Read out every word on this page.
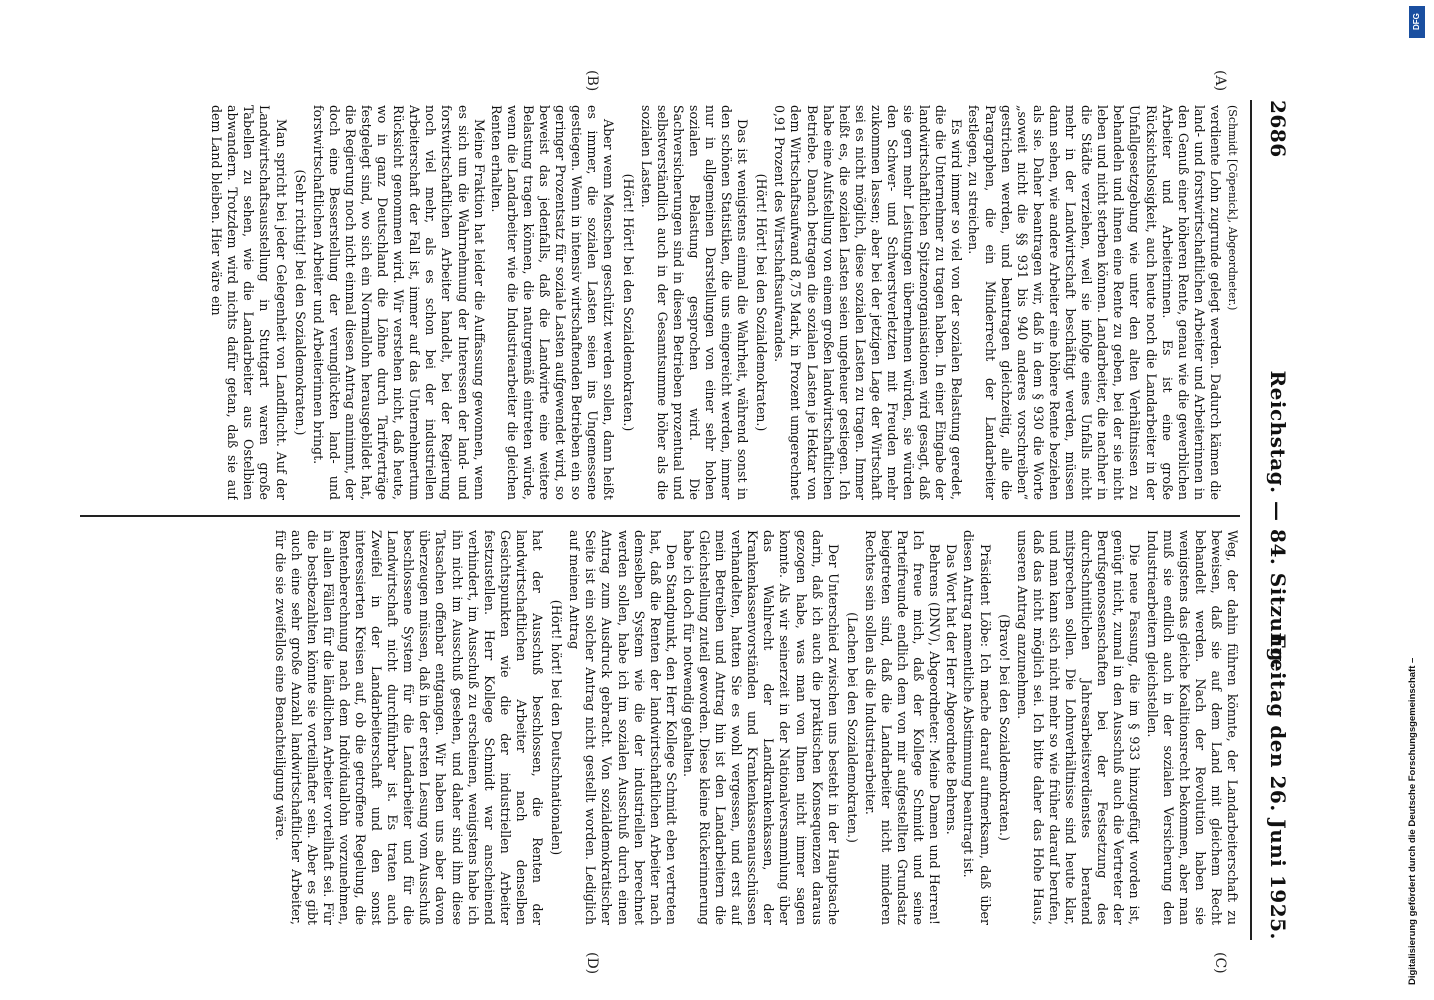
2686
Reichstag. — 84. Sitzung.
Freitag den 26. Juni 1925.
(A)
(B)
(C)
(D)

(Schmidt [Cöpenick], Abgeordneter.)

verdiente Lohn zugrunde gelegt werden. Dadurch kämen die land- und forstwirtschaftlichen Arbeiter und Arbeiterinnen in den Genuß einer höheren Rente, genau wie die gewerblichen Arbeiter und Arbeiterinnen. Es ist eine große Rücksichtslosigkeit, auch heute noch die Landarbeiter in der Unfallgesetzgebung wie unter den alten Verhältnissen zu behandeln und ihnen eine Rente zu geben, bei der sie nicht leben und nicht sterben können. Landarbeiter, die nachher in die Städte verziehen, weil sie infolge eines Unfalls nicht mehr in der Landwirtschaft beschäftigt werden, müssen dann sehen, wie andere Arbeiter eine höhere Rente beziehen als sie. Daher beantragen wir, daß in dem § 930 die Worte „soweit nicht die §§ 931 bis 940 anderes vorschreiben“ gestrichen werden, und beantragen gleichzeitig, alle die Paragraphen, die ein Minderrecht der Landarbeiter festlegen, zu streichen.

Es wird immer so viel von der sozialen Belastung geredet, die die Unternehmer zu tragen haben. In einer Eingabe der landwirtschaftlichen Spitzenorganisationen wird gesagt, daß sie gern mehr Leistungen übernehmen würden, sie würden den Schwer- und Schwerstverletzten mit Freuden mehr zukommen lassen; aber bei der jetzigen Lage der Wirtschaft sei es nicht möglich, diese sozialen Lasten zu tragen. Immer heißt es, die sozialen Lasten seien ungeheuer gestiegen. Ich habe eine Aufstellung von einem großen landwirtschaftlichen Betriebe. Danach betragen die sozialen Lasten je Hektar von dem Wirtschaftsaufwand 8,75 Mark, in Prozent umgerechnet 0,91 Prozent des Wirtschaftsaufwandes.

(Hört! Hört! bei den Sozialdemokraten.)

Das ist wenigstens einmal die Wahrheit, während sonst in den schönen Statistiken, die uns eingereicht werden, immer nur in allgemeinen Darstellungen von einer sehr hohen sozialen Belastung gesprochen wird. Die Sachversicherungen sind in diesen Betrieben prozentual und selbstverständlich auch in der Gesamtsumme höher als die sozialen Lasten.

(Hört! Hört! bei den Sozialdemokraten.)

Aber wenn Menschen geschützt werden sollen, dann heißt es immer, die sozialen Lasten seien ins Ungemessene gestiegen. Wenn in intensiv wirtschaftenden Betrieben ein so geringer Prozentsatz für soziale Lasten aufgewendet wird, so beweist das jedenfalls, daß die Landwirte eine weitere Belastung tragen können, die naturgemäß eintreten würde, wenn die Landarbeiter wie die Industriearbeiter die gleichen Renten erhalten.

Meine Fraktion hat leider die Auffassung gewonnen, wenn es sich um die Wahrnehmung der Interessen der land- und forstwirtschaftlichen Arbeiter handelt, bei der Regierung noch viel mehr, als es schon bei der industriellen Arbeiterschaft der Fall ist, immer auf das Unternehmertum Rücksicht genommen wird. Wir verstehen nicht, daß heute, wo in ganz Deutschland die Löhne durch Tarifverträge festgelegt sind, wo sich ein Normallohn herausgebildet hat, die Regierung noch nicht einmal diesen Antrag annimmt, der doch eine Besserstellung der verunglückten land- und forstwirtschaftlichen Arbeiter und Arbeiterinnen bringt.

(Sehr richtig! bei den Sozialdemokraten.)

Man spricht bei jeder Gelegenheit von Landflucht. Auf der Landwirtschaftsausstellung in Stuttgart waren große Tabellen zu sehen, wie die Landarbeiter aus Ostelbien abwandern. Trotzdem wird nichts dafür getan, daß sie auf dem Land bleiben. Hier wäre ein

Weg, der dahin führen könnte, der Landarbeiterschaft zu beweisen, daß sie auf dem Land mit gleichem Recht behandelt werden. Nach der Revolution haben sie wenigstens das gleiche Koalitionsrecht bekommen, aber man muß sie endlich auch in der sozialen Versicherung den Industriearbeitern gleichstellen.

Die neue Fassung, die im § 933 hinzugefügt worden ist, genügt nicht, zumal in den Ausschuß auch die Vertreter der Berufsgenossenschaften bei der Festsetzung des durchschnittlichen Jahresarbeitsverdienstes beratend mitsprechen sollen. Die Lohnverhältnisse sind heute klar, und man kann sich nicht mehr so wie früher darauf berufen, daß das nicht möglich sei. Ich bitte daher das Hohe Haus, unseren Antrag anzunehmen.

(Bravo! bei den Sozialdemokraten.)

Präsident Löbe: Ich mache darauf aufmerksam, daß über diesen Antrag namentliche Abstimmung beantragt ist.

Das Wort hat der Herr Abgeordnete Behrens.

Behrens (DNV), Abgeordneter: Meine Damen und Herren! Ich freue mich, daß der Kollege Schmidt und seine Parteifreunde endlich dem von mir aufgestellten Grundsatz beigetreten sind, daß die Landarbeiter nicht minderen Rechtes sein sollen als die Industriearbeiter.

(Lachen bei den Sozialdemokraten.)

Der Unterschied zwischen uns besteht in der Hauptsache darin, daß ich auch die praktischen Konsequenzen daraus gezogen habe, was man von Ihnen nicht immer sagen konnte. Als wir seinerzeit in der Nationalversammlung über das Wahlrecht der Landkrankenkassen, der Krankenkassenvorständen und Krankenkassenausschüssen verhandelten, hatten Sie es wohl vergessen, und erst auf mein Betreiben und Antrag hin ist den Landarbeitern die Gleichstellung zuteil geworden. Diese kleine Rückerinnerung habe ich doch für notwendig gehalten.

Den Standpunkt, den Herr Kollege Schmidt eben vertreten hat, daß die Renten der landwirtschaftlichen Arbeiter nach demselben System wie die der industriellen berechnet werden sollen, habe ich im sozialen Ausschuß durch einen Antrag zum Ausdruck gebracht. Von sozialdemokratischer Seite ist ein solcher Antrag nicht gestellt worden. Lediglich auf meinen Antrag

(Hört! hört! bei den Deutschnationalen)

hat der Ausschuß beschlossen, die Renten der landwirtschaftlichen Arbeiter nach denselben Gesichtspunkten wie die der industriellen Arbeiter festzustellen. Herr Kollege Schmidt war anscheinend verhindert, im Ausschuß zu erscheinen, wenigstens habe ich ihn nicht im Ausschuß gesehen, und daher sind ihm diese Tatsachen offenbar entgangen. Wir haben uns aber davon überzeugen müssen, daß in der ersten Lesung vom Ausschuß beschlossene System für die Landarbeiter und für die Landwirtschaft nicht durchführbar ist. Es traten auch Zweifel in der Landarbeiterschaft und den sonst interessierten Kreisen auf, ob die getroffene Regelung, die Rentenberechnung nach dem Individuallohn vorzunehmen, in allen Fällen für die ländlichen Arbeiter vorteilhaft sei. Für die bestbezahlten könnte sie vorteilhafter sein. Aber es gibt auch eine sehr große Anzahl landwirtschaftlicher Arbeiter, für die sie zweifellos eine Benachteiligung wäre.

DFG
Digitalisierung gefördert durch die Deutsche Forschungsgemeinschaft –
